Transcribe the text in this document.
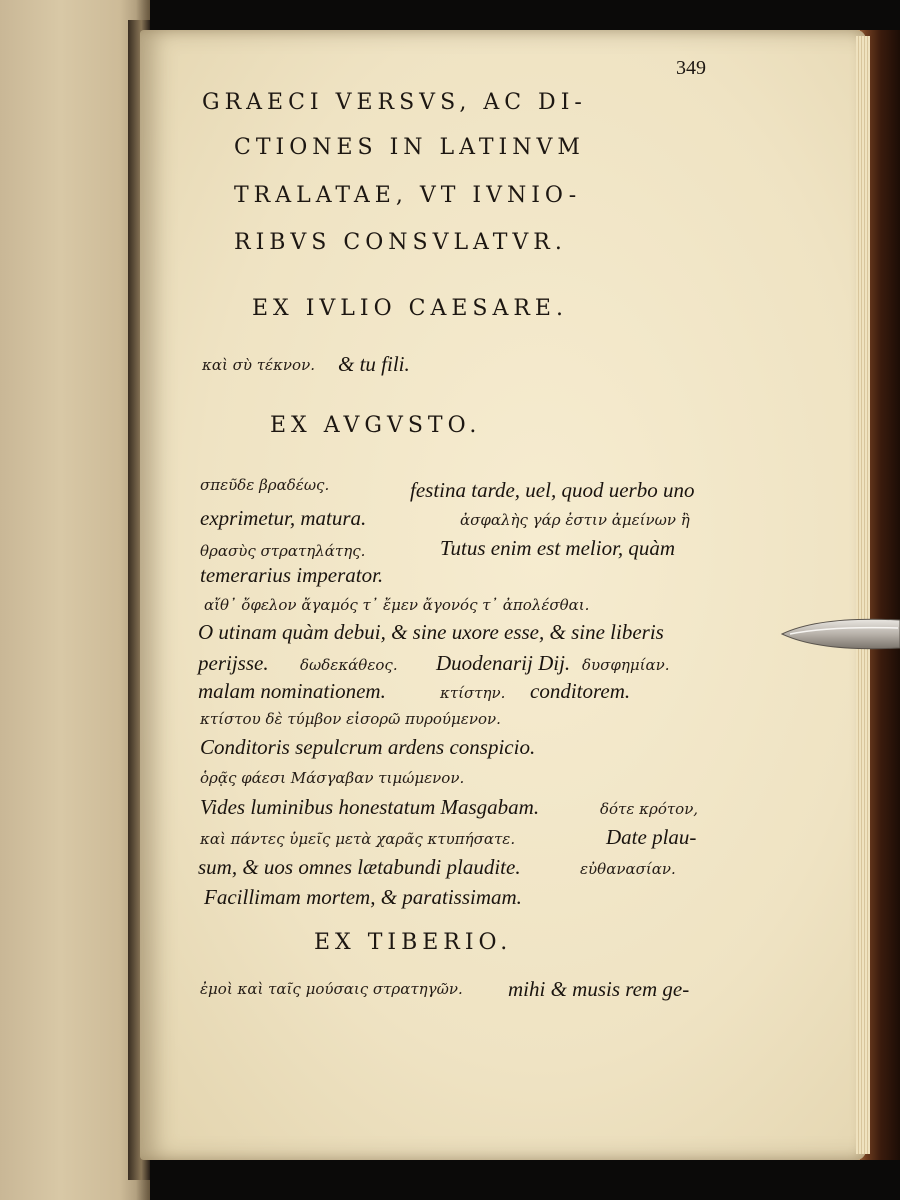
349
GRAECI VERSVS, AC DI-
CTIONES IN LATINVM
TRALATAE, VT IVNIO-
RIBVS CONSVLATVR.
EX IVLIO CAESARE.
καὶ σὺ τέκνον. & tu fili.
EX AVGVSTO.
σπεῦδε βραδέως.	festina tarde, uel, quod uerbo uno
exprimetur, matura.	ἀσφαλὴς γάρ ἐστιν ἀμείνων ἢ
θρασὺς στρατηλάτης.	Tutus enim est melior, quàm
temerarius imperator.
αἴθ᾽ ὄφελον ἄγαμός τ᾽ ἔμεν ἄγονός τ᾽ ἀπολέσθαι.
O utinam quàm debui, & sine uxore esse, & sine liberis
perijsse. δωδεκάθεος. Duodenarij Dij. δυσφημίαν.
malam nominationem.	κτίστην. conditorem.
κτίστου δὲ τύμβον εἰσορῶ πυρούμενον.
Conditoris sepulcrum ardens conspicio.
ὁρᾷς φάεσι Μάσγαβαν τιμώμενον.
Vides luminibus honestatum Masgabam.	δότε κρότον,
καὶ πάντες ὑμεῖς μετὰ χαρᾶς κτυπήσατε.	Date plau-
sum, & uos omnes lætabundi plaudite.	εὐθανασίαν.
Facillimam mortem, & paratissimam.
EX TIBERIO.
ἐμοὶ καὶ ταῖς μούσαις στρατηγῶν. mihi & musis rem ge-
